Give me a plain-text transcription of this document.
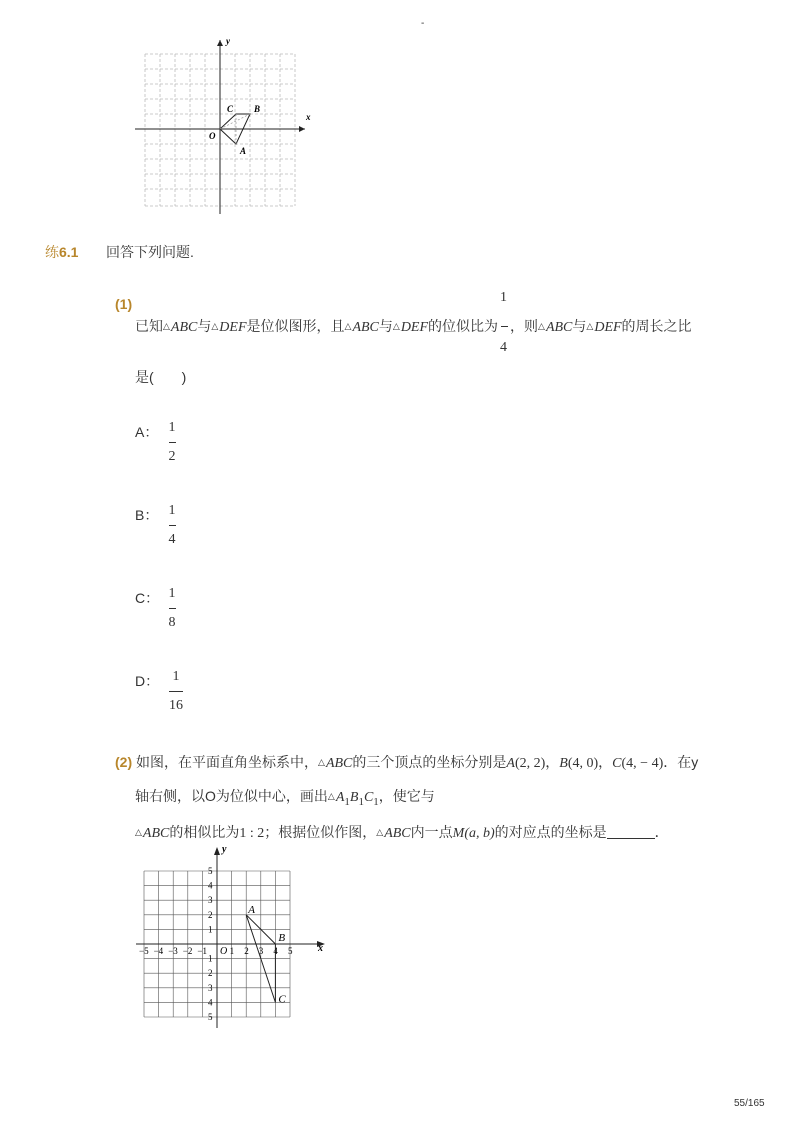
-
y
x
O
C B
A
练6.1 回答下列问题.
(1)
已知△ABC与△DEF是位似图形，且△ABC与△DEF的位似比为 $\frac{1}{4}$ ，则△ABC与△DEF的周长之比
是(　　)
A： 1
2
B： 1
4
C： 1
8
D： 1
16
(2) 如图，在平面直角坐标系中，△ABC的三个顶点的坐标分别是A(2, 2)，B(4, 0)，C(4, − 4)．在y
轴右侧，以O为位似中心，画出$\triangle A_1B_1C_1$，使它与
△ABC的相似比为1 : 2；根据位似作图，△ABC内一点M(a, b)的对应点的坐标是	．
−5 −4 −3 −2 −1	1 2 3 4 5
5
4
3
2
1
1
2
3
4
5
O	x
y
A
B
C
55/165
